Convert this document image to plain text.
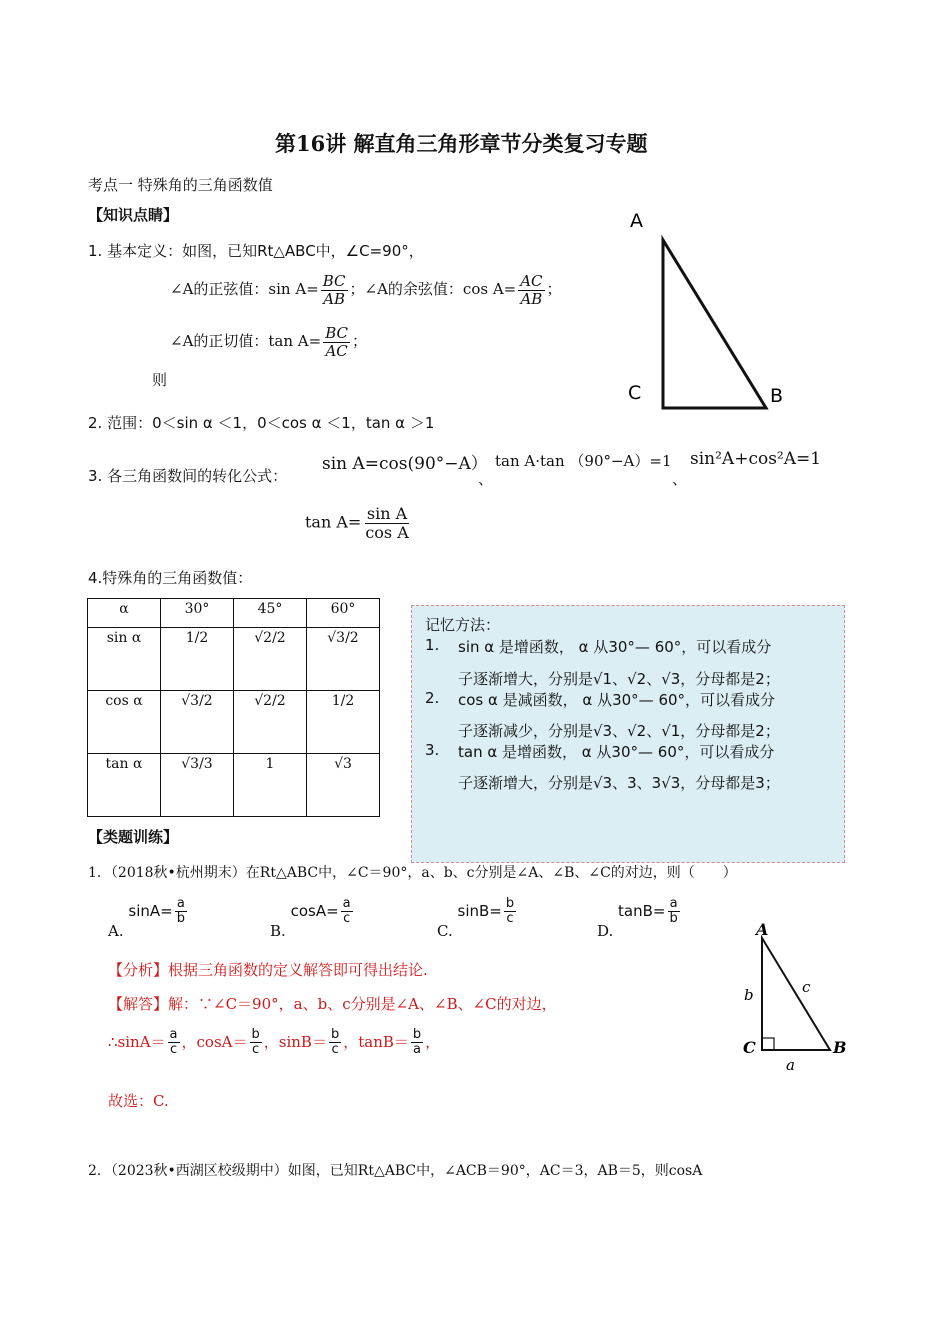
第16讲 解直角三角形章节分类复习专题
考点一 特殊角的三角函数值
【知识点睛】
1. 基本定义：如图，已知Rt△ABC中，∠C=90°，
∠A的正弦值：$\sin A= \frac{BC}{AB}$ ；∠A的余弦值：$\cos A= \frac{AC}{AB}$ ；
∠A的正切值：$\tan A= \frac{BC}{AC}$ ；
则
A
C	B
2. 范围：0＜sin α ＜1，0＜cos α ＜1，tan α ＞1
3. 各三角函数间的转化公式：
sin A=cos(90°−A）
、
tan A·tan （90°−A）=1
、
sin²A+cos²A=1
$\tan A= \frac{\text{sin A}}{\text{cos A}}$
4.特殊角的三角函数值：
α	30°	45°	60°
sin α	1/2	√2/2	√3/2
cos α	√3/2	√2/2	1/2
tan α	√3/3	1	√3
记忆方法：
1. sin α 是增函数， α 从30°— 60°，可以看成分
子逐渐增大，分别是√1、√2、√3，分母都是2；
2. cos α 是减函数， α 从30°— 60°，可以看成分
子逐渐减少，分别是√3、√2、√1，分母都是2；
3. tan α 是增函数， α 从30°— 60°，可以看成分
子逐渐增大，分别是√3、3、3√3，分母都是3；
【类题训练】
1．（2018秋•杭州期末）在Rt△ABC中，∠C＝90°，a、b、c分别是∠A、∠B、∠C的对边，则（　　）
A. $\sin A= \frac{a}{b}$
B. $\cos A= \frac{a}{c}$
C. $\sin B= \frac{b}{c}$
D. $\tan B= \frac{a}{b}$
A
C	B
b	c
a
【分析】根据三角函数的定义解答即可得出结论.
【解答】解：∵∠C＝90°，a、b、c分别是∠A、∠B、∠C的对边，
∴sinA＝ $\frac{a}{c}$ ，$\cos A= \frac{b}{c}$ ，$\sin B= \frac{b}{c}$ ，$\tan B= \frac{b}{a}$ ，
故选：C.
2．（2023秋•西湖区校级期中）如图，已知Rt△ABC中，∠ACB＝90°，AC＝3，AB＝5，则cosA
